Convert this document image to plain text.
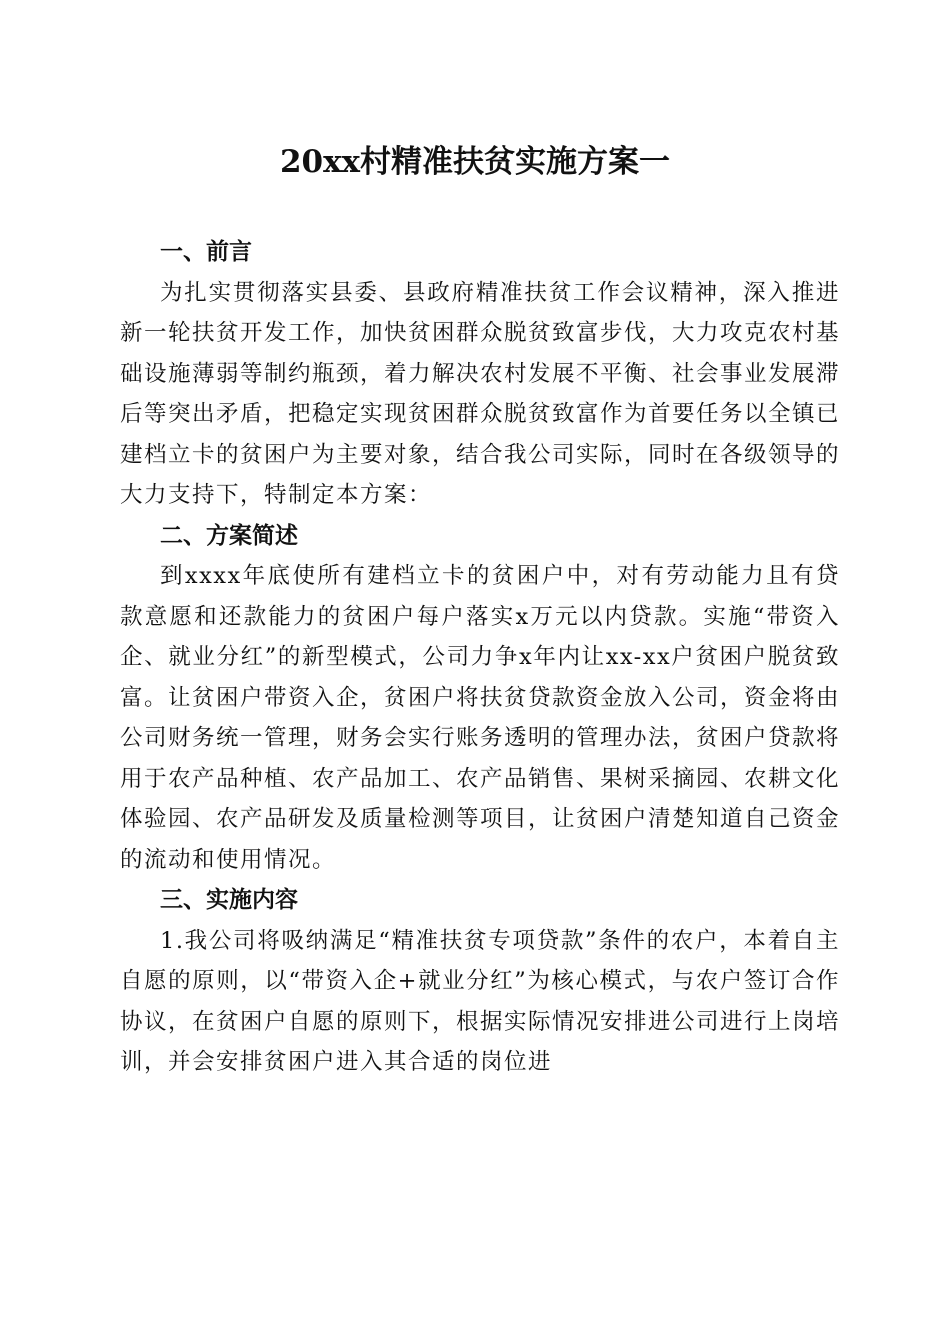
20xx村精准扶贫实施方案一
一、前言

为扎实贯彻落实县委、县政府精准扶贫工作会议精神，深入推进新一轮扶贫开发工作，加快贫困群众脱贫致富步伐，大力攻克农村基础设施薄弱等制约瓶颈，着力解决农村发展不平衡、社会事业发展滞后等突出矛盾，把稳定实现贫困群众脱贫致富作为首要任务以全镇已建档立卡的贫困户为主要对象，结合我公司实际，同时在各级领导的大力支持下，特制定本方案：

二、方案简述

到xxxx年底使所有建档立卡的贫困户中，对有劳动能力且有贷款意愿和还款能力的贫困户每户落实x万元以内贷款。实施“带资入企、就业分红”的新型模式，公司力争x年内让xx-xx户贫困户脱贫致富。让贫困户带资入企，贫困户将扶贫贷款资金放入公司，资金将由公司财务统一管理，财务会实行账务透明的管理办法，贫困户贷款将用于农产品种植、农产品加工、农产品销售、果树采摘园、农耕文化体验园、农产品研发及质量检测等项目，让贫困户清楚知道自己资金的流动和使用情况。

三、实施内容

1.我公司将吸纳满足“精准扶贫专项贷款”条件的农户，本着自主自愿的原则，以“带资入企+就业分红”为核心模式，与农户签订合作协议，在贫困户自愿的原则下，根据实际情况安排进公司进行上岗培训，并会安排贫困户进入其合适的岗位进
